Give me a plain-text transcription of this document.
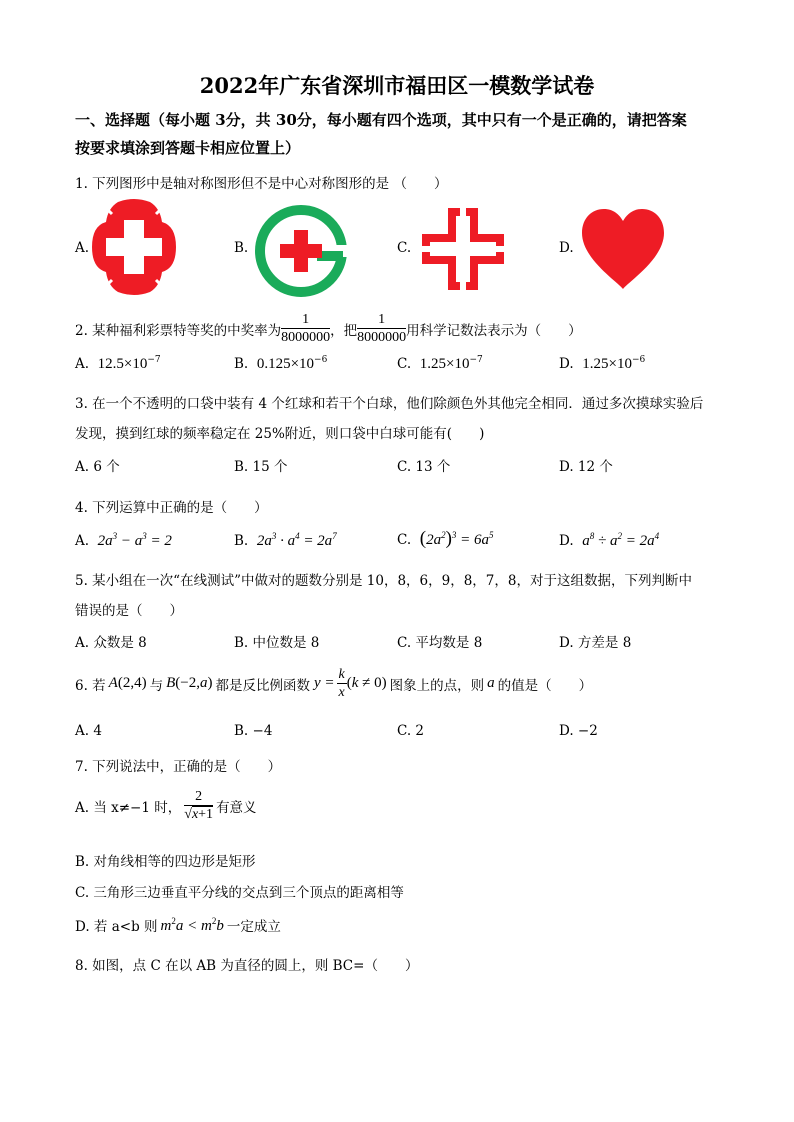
2022年广东省深圳市福田区一模数学试卷
一、选择题（每小题 3分，共 30分，每小题有四个选项，其中只有一个是正确的，请把答案
按要求填涂到答题卡相应位置上）
1. 下列图形中是轴对称图形但不是中心对称图形的是 （　　）
A.	B.	C.	D.
2. 某种福利彩票特等奖的中奖率为 $\frac{1}{8000000}$ ，把 $\frac{1}{8000000}$ 用科学记数法表示为（　　）
A. $12.5\times 10^{-7}$	B. $0.125\times 10^{-6}$	C. $1.25\times 10^{-7}$	D. $1.25\times 10^{-6}$
3. 在一个不透明的口袋中装有 4 个红球和若干个白球，他们除颜色外其他完全相同．通过多次摸球实验后
发现，摸到红球的频率稳定在 25%附近，则口袋中白球可能有(　　)
A. 6 个	B. 15 个	C. 13 个	D. 12 个
4. 下列运算中正确的是（　　）
A. $2a^3 - a^3 = 2$	B. $2a^3 \cdot a^4 = 2a^7$	C. $(2a^2)^3 = 6a^5$	D. $a^8 \div a^2 = 2a^4$
5. 某小组在一次“在线测试”中做对的题数分别是 10，8，6，9，8，7，8，对于这组数据，下列判断中
错误的是（　　）
A. 众数是 8	B. 中位数是 8	C. 平均数是 8	D. 方差是 8
6. 若 A(2,4) 与 B(−2,a) 都是反比例函数 $y = \frac{k}{x} (k \ne 0)$ 图象上的点，则 a 的值是（　　）
A. 4	B. −4	C. 2	D. −2
7. 下列说法中，正确的是（　　）
A. 当 x≠−1 时， $\frac{2}{√x+1}$ 有意义
B. 对角线相等的四边形是矩形
C. 三角形三边垂直平分线的交点到三个顶点的距离相等
D. 若 a<b 则 $m^2a < m^2b$ 一定成立
8. 如图，点 C 在以 AB 为直径的圆上，则 BC=（　　）
